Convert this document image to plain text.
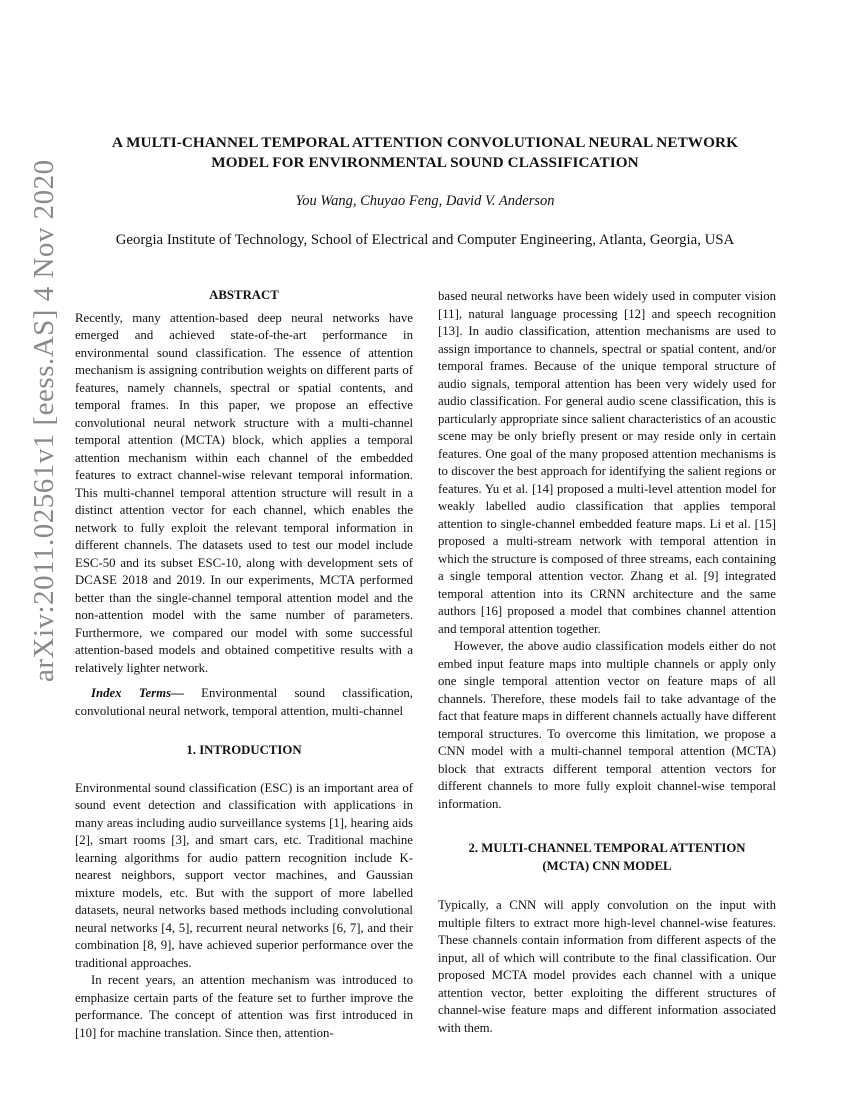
arXiv:2011.02561v1 [eess.AS] 4 Nov 2020
A MULTI-CHANNEL TEMPORAL ATTENTION CONVOLUTIONAL NEURAL NETWORK
MODEL FOR ENVIRONMENTAL SOUND CLASSIFICATION
You Wang, Chuyao Feng, David V. Anderson
Georgia Institute of Technology, School of Electrical and Computer Engineering, Atlanta, Georgia, USA
ABSTRACT

Recently, many attention-based deep neural networks have emerged and achieved state-of-the-art performance in environmental sound classification. The essence of attention mechanism is assigning contribution weights on different parts of features, namely channels, spectral or spatial contents, and temporal frames. In this paper, we propose an effective convolutional neural network structure with a multi-channel temporal attention (MCTA) block, which applies a temporal attention mechanism within each channel of the embedded features to extract channel-wise relevant temporal information. This multi-channel temporal attention structure will result in a distinct attention vector for each channel, which enables the network to fully exploit the relevant temporal information in different channels. The datasets used to test our model include ESC-50 and its subset ESC-10, along with development sets of DCASE 2018 and 2019. In our experiments, MCTA performed better than the single-channel temporal attention model and the non-attention model with the same number of parameters. Furthermore, we compared our model with some successful attention-based models and obtained competitive results with a relatively lighter network.

Index Terms— Environmental sound classification, convolutional neural network, temporal attention, multi-channel

1. INTRODUCTION

Environmental sound classification (ESC) is an important area of sound event detection and classification with applications in many areas including audio surveillance systems [1], hearing aids [2], smart rooms [3], and smart cars, etc. Traditional machine learning algorithms for audio pattern recognition include K-nearest neighbors, support vector machines, and Gaussian mixture models, etc. But with the support of more labelled datasets, neural networks based methods including convolutional neural networks [4, 5], recurrent neural networks [6, 7], and their combination [8, 9], have achieved superior performance over the traditional approaches.

In recent years, an attention mechanism was introduced to emphasize certain parts of the feature set to further improve the performance. The concept of attention was first introduced in [10] for machine translation. Since then, attention-

based neural networks have been widely used in computer vision [11], natural language processing [12] and speech recognition [13]. In audio classification, attention mechanisms are used to assign importance to channels, spectral or spatial content, and/or temporal frames. Because of the unique temporal structure of audio signals, temporal attention has been very widely used for audio classification. For general audio scene classification, this is particularly appropriate since salient characteristics of an acoustic scene may be only briefly present or may reside only in certain features. One goal of the many proposed attention mechanisms is to discover the best approach for identifying the salient regions or features. Yu et al. [14] proposed a multi-level attention model for weakly labelled audio classification that applies temporal attention to single-channel embedded feature maps. Li et al. [15] proposed a multi-stream network with temporal attention in which the structure is composed of three streams, each containing a single temporal attention vector. Zhang et al. [9] integrated temporal attention into its CRNN architecture and the same authors [16] proposed a model that combines channel attention and temporal attention together.

However, the above audio classification models either do not embed input feature maps into multiple channels or apply only one single temporal attention vector on feature maps of all channels. Therefore, these models fail to take advantage of the fact that feature maps in different channels actually have different temporal structures. To overcome this limitation, we propose a CNN model with a multi-channel temporal attention (MCTA) block that extracts different temporal attention vectors for different channels to more fully exploit channel-wise temporal information.

2. MULTI-CHANNEL TEMPORAL ATTENTION
(MCTA) CNN MODEL

Typically, a CNN will apply convolution on the input with multiple filters to extract more high-level channel-wise features. These channels contain information from different aspects of the input, all of which will contribute to the final classification. Our proposed MCTA model provides each channel with a unique attention vector, better exploiting the different structures of channel-wise feature maps and different information associated with them.
